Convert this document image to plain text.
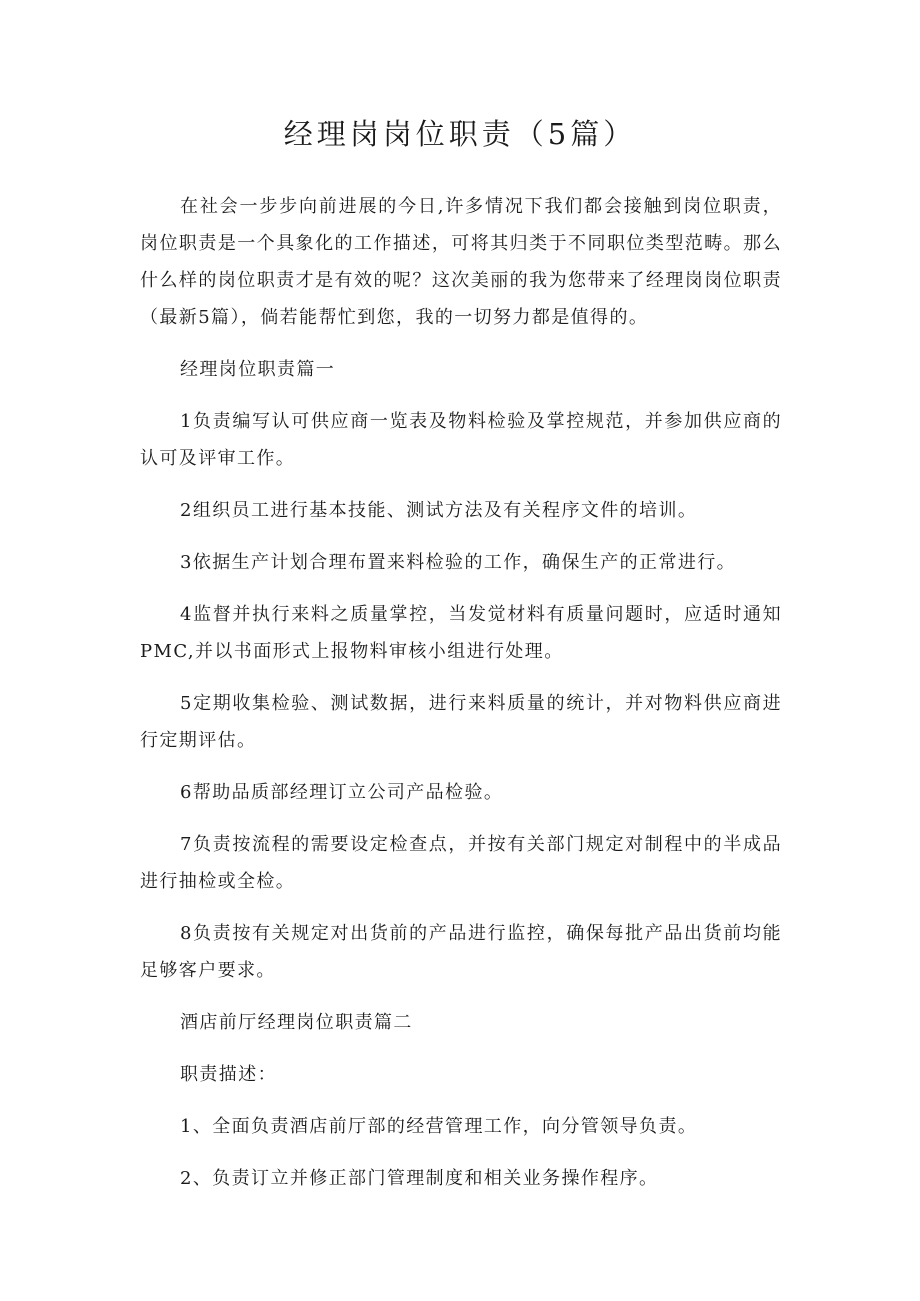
经理岗岗位职责（5篇）

在社会一步步向前进展的今日,许多情况下我们都会接触到岗位职责，岗位职责是一个具象化的工作描述，可将其归类于不同职位类型范畴。那么什么样的岗位职责才是有效的呢？这次美丽的我为您带来了经理岗岗位职责（最新5篇），倘若能帮忙到您，我的一切努力都是值得的。

经理岗位职责篇一

1负责编写认可供应商一览表及物料检验及掌控规范，并参加供应商的认可及评审工作。

2组织员工进行基本技能、测试方法及有关程序文件的培训。

3依据生产计划合理布置来料检验的工作，确保生产的正常进行。

4监督并执行来料之质量掌控，当发觉材料有质量问题时，应适时通知PMC,并以书面形式上报物料审核小组进行处理。

5定期收集检验、测试数据，进行来料质量的统计，并对物料供应商进行定期评估。

6帮助品质部经理订立公司产品检验。

7负责按流程的需要设定检查点，并按有关部门规定对制程中的半成品进行抽检或全检。

8负责按有关规定对出货前的产品进行监控，确保每批产品出货前均能足够客户要求。

酒店前厅经理岗位职责篇二

职责描述：

1、全面负责酒店前厅部的经营管理工作，向分管领导负责。

2、负责订立并修正部门管理制度和相关业务操作程序。
